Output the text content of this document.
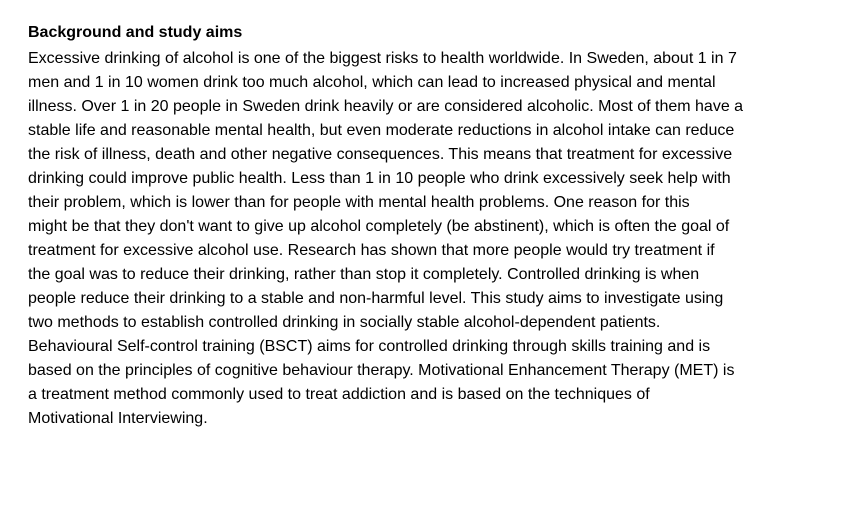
Background and study aims
Excessive drinking of alcohol is one of the biggest risks to health worldwide. In Sweden, about 1 in 7
men and 1 in 10 women drink too much alcohol, which can lead to increased physical and mental
illness. Over 1 in 20 people in Sweden drink heavily or are considered alcoholic. Most of them have a
stable life and reasonable mental health, but even moderate reductions in alcohol intake can reduce
the risk of illness, death and other negative consequences. This means that treatment for excessive
drinking could improve public health. Less than 1 in 10 people who drink excessively seek help with
their problem, which is lower than for people with mental health problems. One reason for this
might be that they don't want to give up alcohol completely (be abstinent), which is often the goal of
treatment for excessive alcohol use. Research has shown that more people would try treatment if
the goal was to reduce their drinking, rather than stop it completely. Controlled drinking is when
people reduce their drinking to a stable and non-harmful level. This study aims to investigate using
two methods to establish controlled drinking in socially stable alcohol-dependent patients.
Behavioural Self-control training (BSCT) aims for controlled drinking through skills training and is
based on the principles of cognitive behaviour therapy. Motivational Enhancement Therapy (MET) is
a treatment method commonly used to treat addiction and is based on the techniques of
Motivational Interviewing.
